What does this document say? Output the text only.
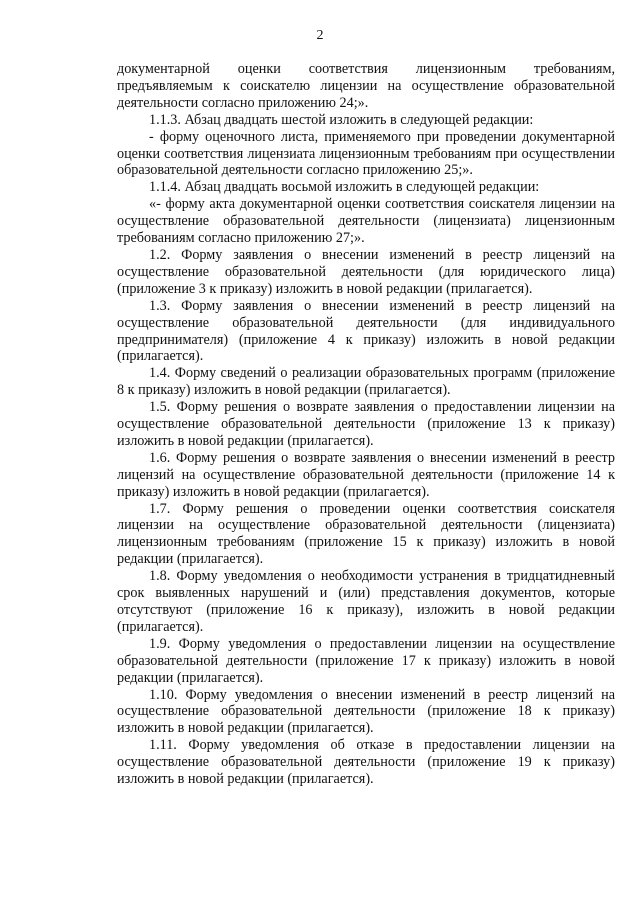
2

документарной оценки соответствия лицензионным требованиям, предъявляемым к соискателю лицензии на осуществление образовательной деятельности согласно приложению 24;».

1.1.3. Абзац двадцать шестой изложить в следующей редакции:

- форму оценочного листа, применяемого при проведении документарной оценки соответствия лицензиата лицензионным требованиям при осуществлении образовательной деятельности согласно приложению 25;».

1.1.4. Абзац двадцать восьмой изложить в следующей редакции:

«- форму акта документарной оценки соответствия соискателя лицензии на осуществление образовательной деятельности (лицензиата) лицензионным требованиям согласно приложению 27;».

1.2. Форму заявления о внесении изменений в реестр лицензий на осуществление образовательной деятельности (для юридического лица) (приложение 3 к приказу) изложить в новой редакции (прилагается).

1.3. Форму заявления о внесении изменений в реестр лицензий на осуществление образовательной деятельности (для индивидуального предпринимателя) (приложение 4 к приказу) изложить в новой редакции (прилагается).

1.4. Форму сведений о реализации образовательных программ (приложение 8 к приказу) изложить в новой редакции (прилагается).

1.5. Форму решения о возврате заявления о предоставлении лицензии на осуществление образовательной деятельности (приложение 13 к приказу) изложить в новой редакции (прилагается).

1.6. Форму решения о возврате заявления о внесении изменений в реестр лицензий на осуществление образовательной деятельности (приложение 14 к приказу) изложить в новой редакции (прилагается).

1.7. Форму решения о проведении оценки соответствия соискателя лицензии на осуществление образовательной деятельности (лицензиата) лицензионным требованиям (приложение 15 к приказу) изложить в новой редакции (прилагается).

1.8. Форму уведомления о необходимости устранения в тридцатидневный срок выявленных нарушений и (или) представления документов, которые отсутствуют (приложение 16 к приказу), изложить в новой редакции (прилагается).

1.9. Форму уведомления о предоставлении лицензии на осуществление образовательной деятельности (приложение 17 к приказу) изложить в новой редакции (прилагается).

1.10. Форму уведомления о внесении изменений в реестр лицензий на осуществление образовательной деятельности (приложение 18 к приказу) изложить в новой редакции (прилагается).

1.11. Форму уведомления об отказе в предоставлении лицензии на осуществление образовательной деятельности (приложение 19 к приказу) изложить в новой редакции (прилагается).
